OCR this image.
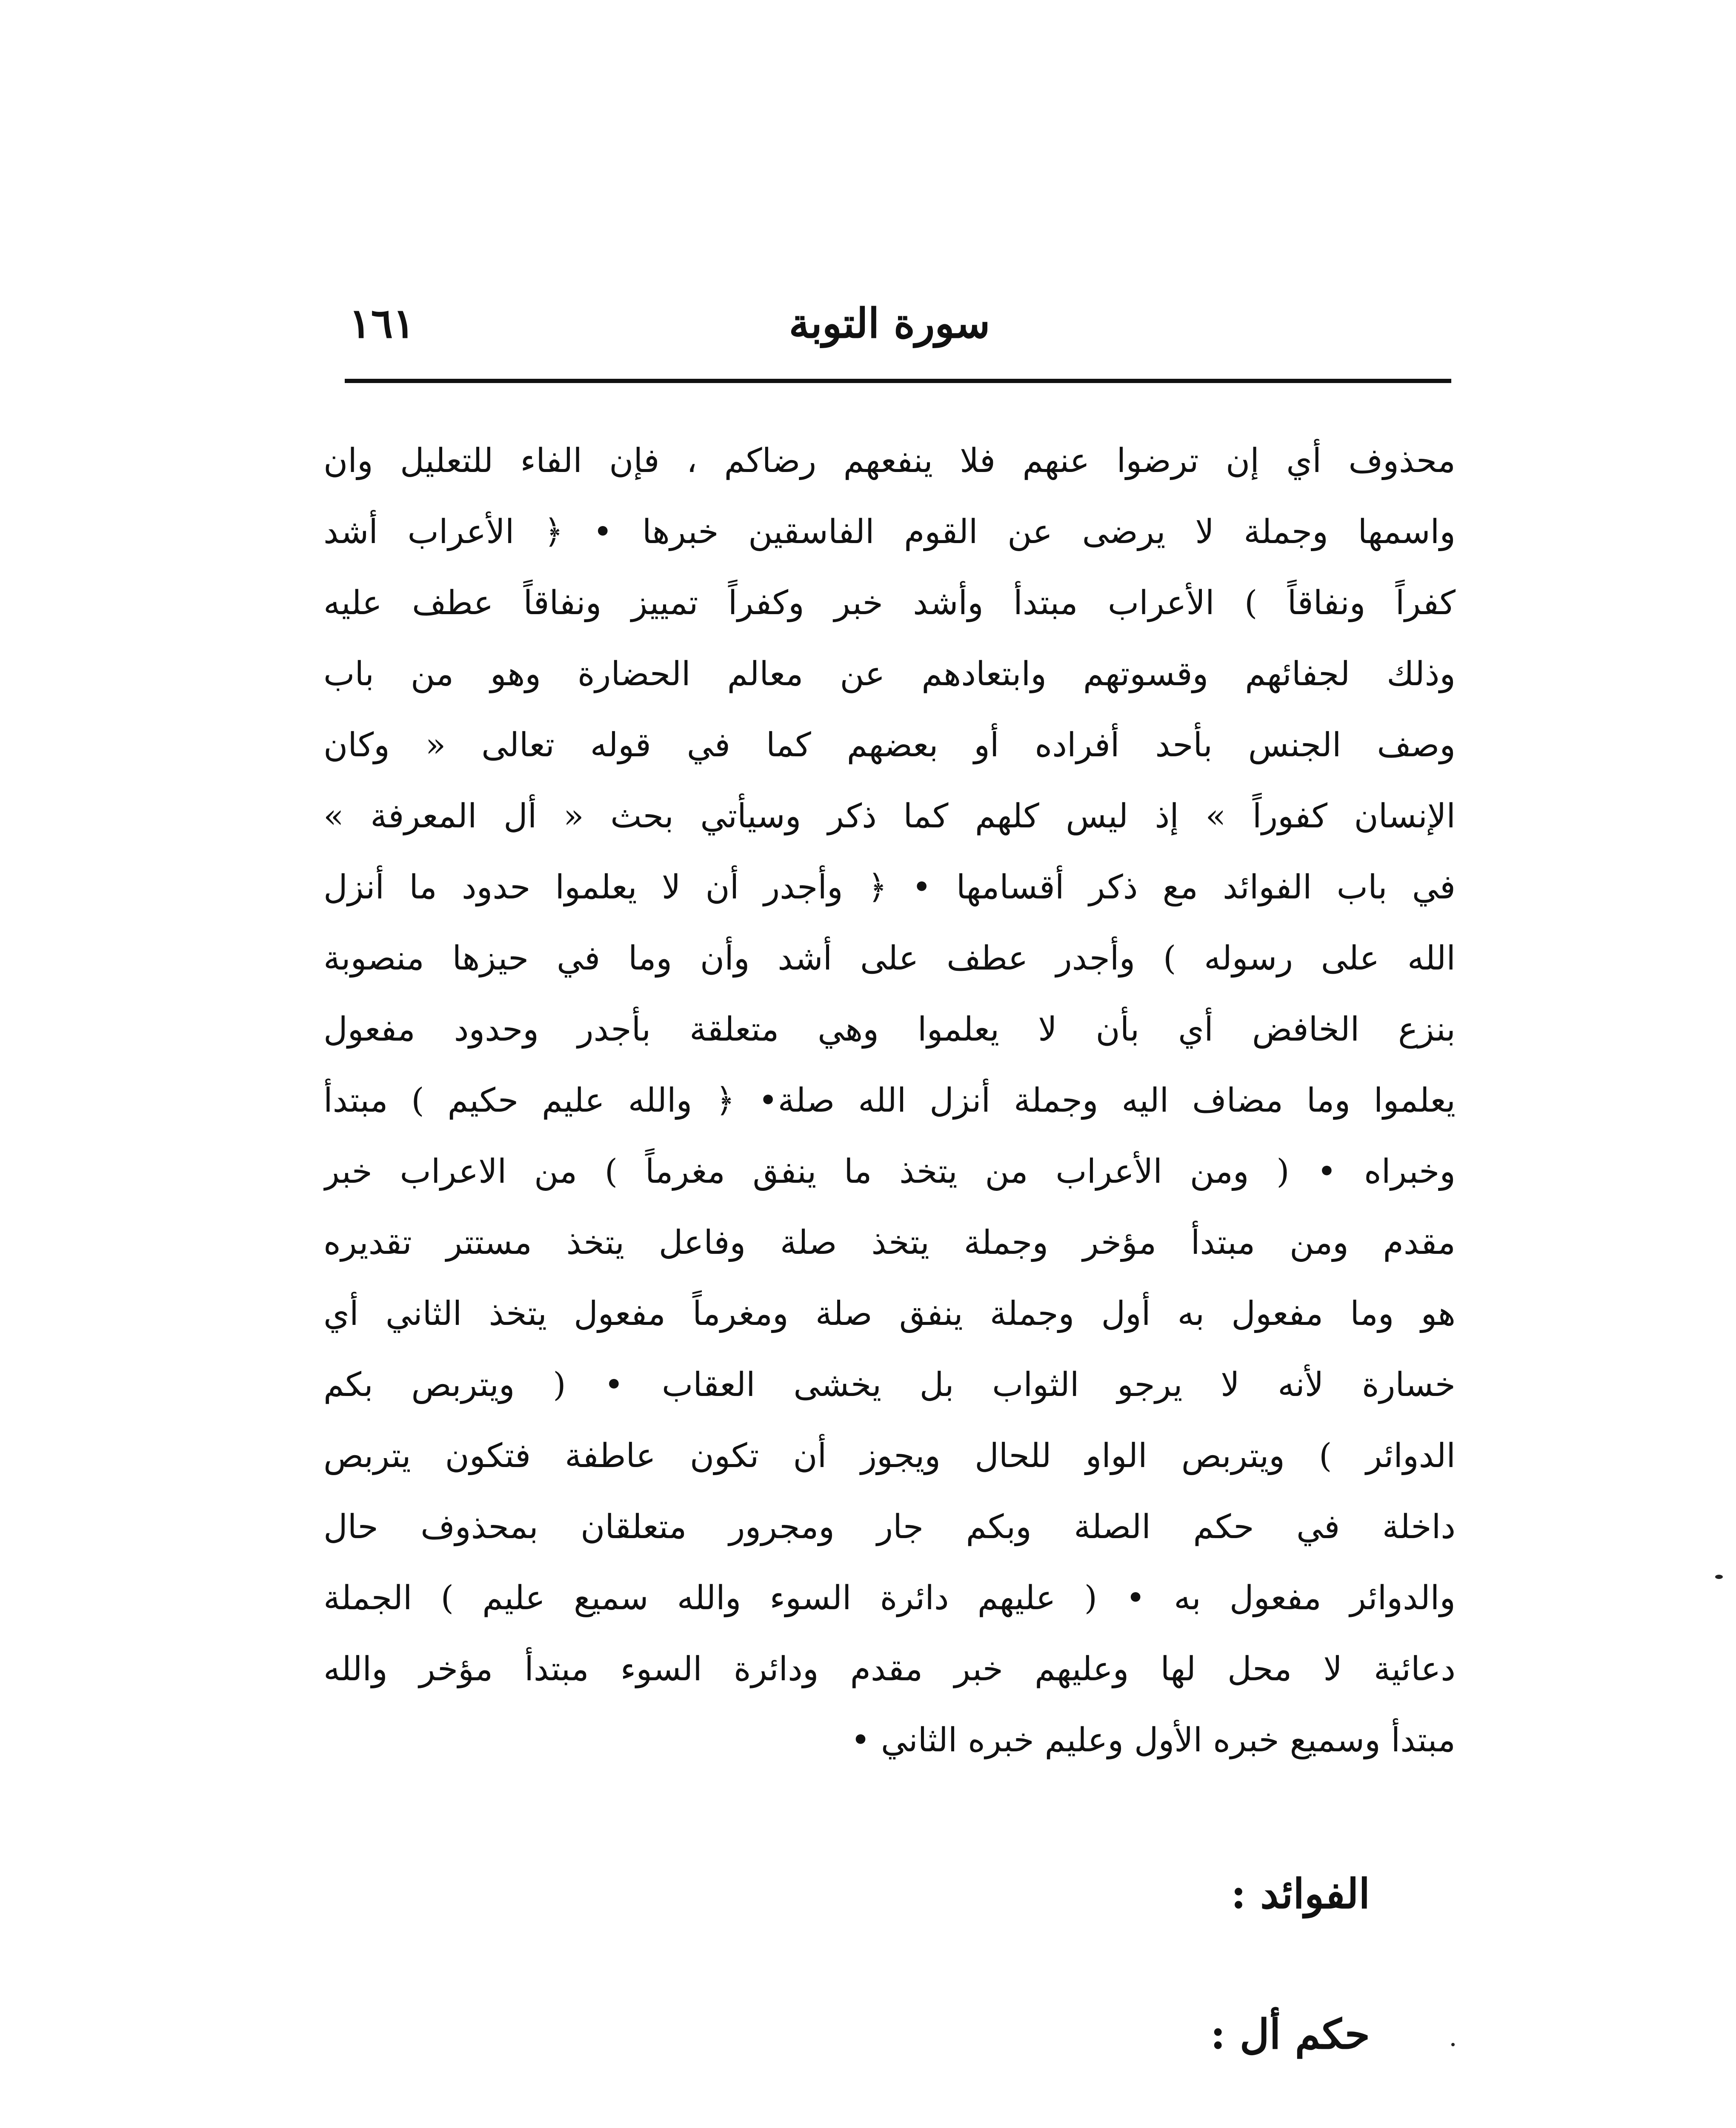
سورة التوبة
١٦١
محذوف أي إن ترضوا عنهم فلا ينفعهم رضاكم ، فإن الفاء للتعليل وان
واسمها وجملة لا يرضى عن القوم الفاسقين خبرها • ﴿ الأعراب أشد
كفراً ونفاقاً ) الأعراب مبتدأ وأشد خبر وكفراً تمييز ونفاقاً عطف عليه
وذلك لجفائهم وقسوتهم وابتعادهم عن معالم الحضارة وهو من باب
وصف الجنس بأحد أفراده أو بعضهم كما في قوله تعالى « وكان
الإنسان كفوراً » إذ ليس كلهم كما ذكر وسيأتي بحث « أل المعرفة »
في باب الفوائد مع ذكر أقسامها • ﴿ وأجدر أن لا يعلموا حدود ما أنزل
الله على رسوله ) وأجدر عطف على أشد وأن وما في حيزها منصوبة
بنزع الخافض أي بأن لا يعلموا وهي متعلقة بأجدر وحدود مفعول
يعلموا وما مضاف اليه وجملة أنزل الله صلة• ﴿ والله عليم حكيم ) مبتدأ
وخبراه • ( ومن الأعراب من يتخذ ما ينفق مغرماً ) من الاعراب خبر
مقدم ومن مبتدأ مؤخر وجملة يتخذ صلة وفاعل يتخذ مستتر تقديره
هو وما مفعول به أول وجملة ينفق صلة ومغرماً مفعول يتخذ الثاني أي
خسارة لأنه لا يرجو الثواب بل يخشى العقاب • ( ويتربص بكم
الدوائر ) ويتربص الواو للحال ويجوز أن تكون عاطفة فتكون يتربص
داخلة في حكم الصلة وبكم جار ومجرور متعلقان بمحذوف حال
والدوائر مفعول به • ( عليهم دائرة السوء والله سميع عليم ) الجملة
دعائية لا محل لها وعليهم خبر مقدم ودائرة السوء مبتدأ مؤخر والله
مبتدأ وسميع خبره الأول وعليم خبره الثاني •
الفوائد :
حكم أل :
